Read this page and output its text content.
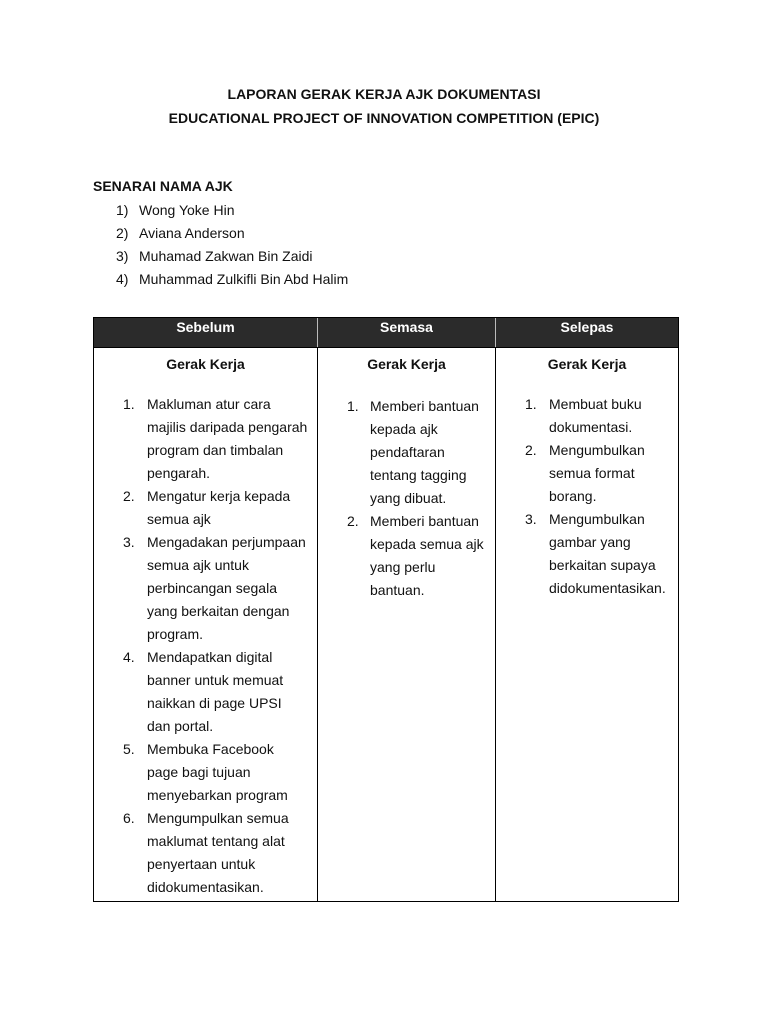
LAPORAN GERAK KERJA AJK DOKUMENTASI
EDUCATIONAL PROJECT OF INNOVATION COMPETITION (EPIC)
SENARAI NAMA AJK
1) Wong Yoke Hin
2) Aviana Anderson
3) Muhamad Zakwan Bin Zaidi
4) Muhammad Zulkifli Bin Abd Halim
Sebelum	Semasa	Selepas
Gerak Kerja
1. Makluman atur cara
majilis daripada pengarah
program dan timbalan
pengarah.
2. Mengatur kerja kepada
semua ajk
3. Mengadakan perjumpaan
semua ajk untuk
perbincangan segala
yang berkaitan dengan
program.
4. Mendapatkan digital
banner untuk memuat
naikkan di page UPSI
dan portal.
5. Membuka Facebook
page bagi tujuan
menyebarkan program
6. Mengumpulkan semua
maklumat tentang alat
penyertaan untuk
didokumentasikan.
Gerak Kerja
1. Memberi bantuan
kepada ajk
pendaftaran
tentang tagging
yang dibuat.
2. Memberi bantuan
kepada semua ajk
yang perlu
bantuan.
Gerak Kerja
1. Membuat buku
dokumentasi.
2. Mengumbulkan
semua format
borang.
3. Mengumbulkan
gambar yang
berkaitan supaya
didokumentasikan.
